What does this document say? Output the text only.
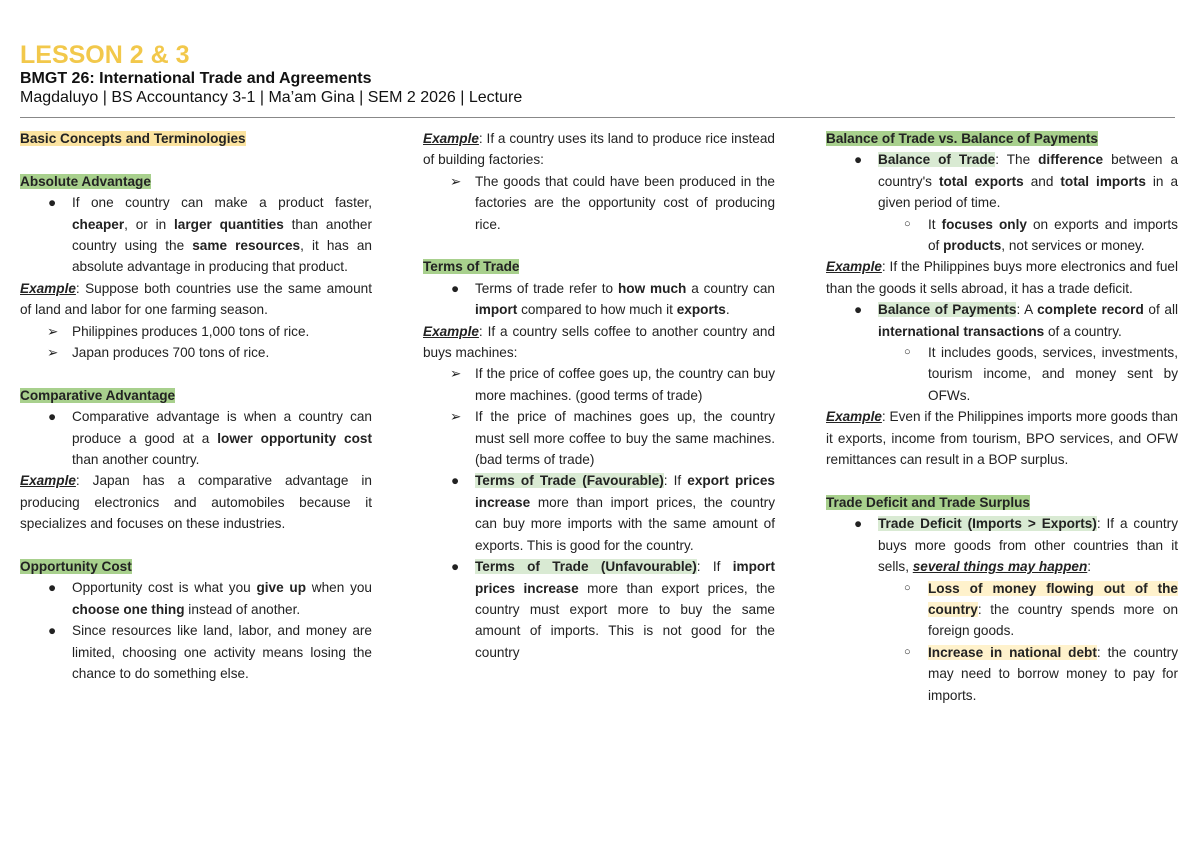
LESSON 2 & 3
BMGT 26: International Trade and Agreements
Magdaluyo | BS Accountancy 3-1 | Ma’am Gina | SEM 2 2026 | Lecture

Basic Concepts and Terminologies

Absolute Advantage

● If one country can make a product faster, cheaper, or in larger quantities than another country using the same resources, it has an absolute advantage in producing that product.

Example: Suppose both countries use the same amount of land and labor for one farming season.

➢ Philippines produces 1,000 tons of rice.

➢ Japan produces 700 tons of rice.

Comparative Advantage

● Comparative advantage is when a country can produce a good at a lower opportunity cost than another country.

Example: Japan has a comparative advantage in producing electronics and automobiles because it specializes and focuses on these industries.

Opportunity Cost

● Opportunity cost is what you give up when you choose one thing instead of another.

● Since resources like land, labor, and money are limited, choosing one activity means losing the chance to do something else.

Example: If a country uses its land to produce rice instead of building factories:

➢ The goods that could have been produced in the factories are the opportunity cost of producing rice.

Terms of Trade

● Terms of trade refer to how much a country can import compared to how much it exports.

Example: If a country sells coffee to another country and buys machines:

➢ If the price of coffee goes up, the country can buy more machines. (good terms of trade)

➢ If the price of machines goes up, the country must sell more coffee to buy the same machines. (bad terms of trade)

● Terms of Trade (Favourable): If export prices increase more than import prices, the country can buy more imports with the same amount of exports. This is good for the country.

● Terms of Trade (Unfavourable): If import prices increase more than export prices, the country must export more to buy the same amount of imports. This is not good for the country

Balance of Trade vs. Balance of Payments

● Balance of Trade: The difference between a country's total exports and total imports in a given period of time.

○ It focuses only on exports and imports of products, not services or money.

Example: If the Philippines buys more electronics and fuel than the goods it sells abroad, it has a trade deficit.

● Balance of Payments: A complete record of all international transactions of a country.

○ It includes goods, services, investments, tourism income, and money sent by OFWs.

Example: Even if the Philippines imports more goods than it exports, income from tourism, BPO services, and OFW remittances can result in a BOP surplus.

Trade Deficit and Trade Surplus

● Trade Deficit (Imports > Exports): If a country buys more goods from other countries than it sells, several things may happen:

○ Loss of money flowing out of the country: the country spends more on foreign goods.

○ Increase in national debt: the country may need to borrow money to pay for imports.
